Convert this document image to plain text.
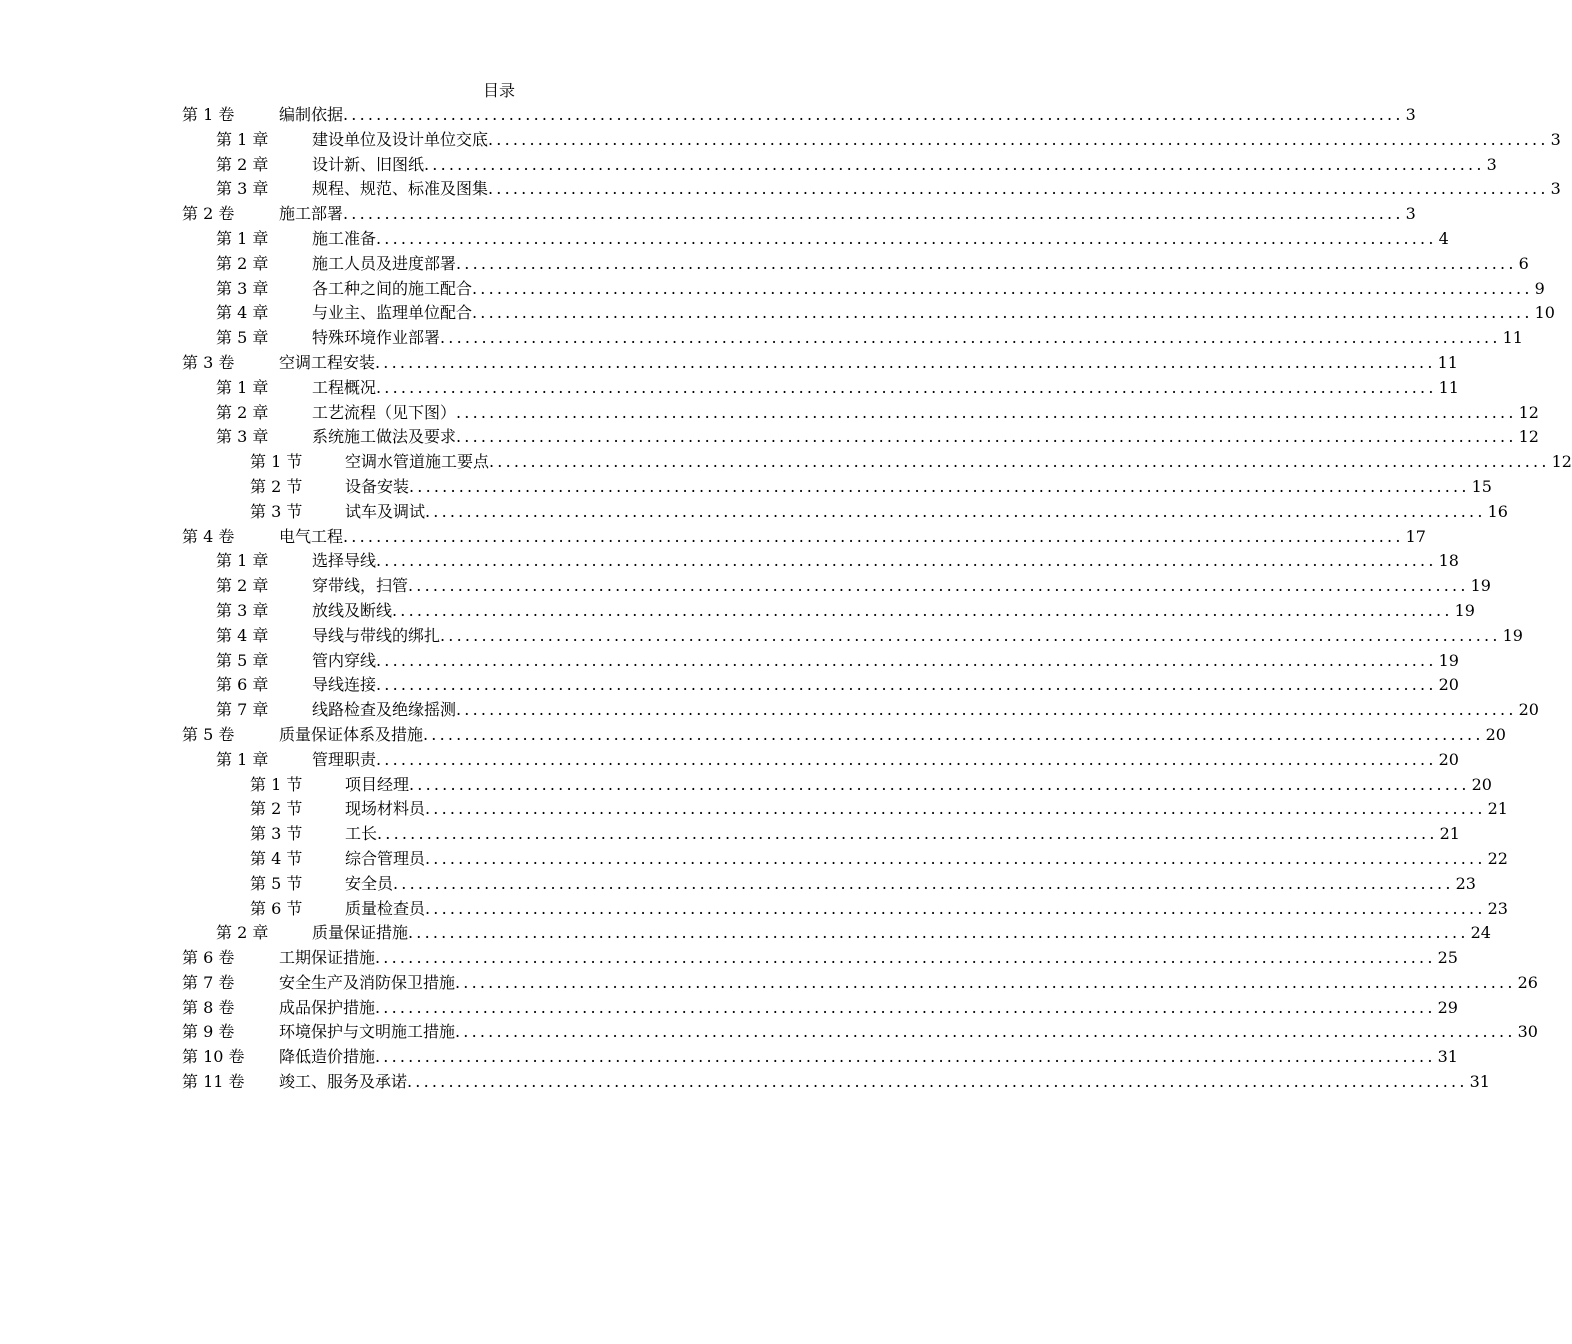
目录
第 1 卷	编制依据 ................................................................................................................................ 3
第 1 章	建设单位及设计单位交底 ................................................................................................................................ 3
第 2 章	设计新、旧图纸 ................................................................................................................................ 3
第 3 章	规程、规范、标准及图集 ................................................................................................................................ 3
第 2 卷	施工部署 ................................................................................................................................ 3
第 1 章	施工准备 ................................................................................................................................ 4
第 2 章	施工人员及进度部署 ................................................................................................................................ 6
第 3 章	各工种之间的施工配合 ................................................................................................................................ 9
第 4 章	与业主、监理单位配合 ................................................................................................................................ 10
第 5 章	特殊环境作业部署 ................................................................................................................................ 11
第 3 卷	空调工程安装 ................................................................................................................................ 11
第 1 章	工程概况 ................................................................................................................................ 11
第 2 章	工艺流程（见下图） ................................................................................................................................ 12
第 3 章	系统施工做法及要求 ................................................................................................................................ 12
第 1 节	空调水管道施工要点 ................................................................................................................................ 12
第 2 节	设备安装 ................................................................................................................................ 15
第 3 节	试车及调试 ................................................................................................................................ 16
第 4 卷	电气工程 ................................................................................................................................ 17
第 1 章	选择导线 ................................................................................................................................ 18
第 2 章	穿带线，扫管 ................................................................................................................................ 19
第 3 章	放线及断线 ................................................................................................................................ 19
第 4 章	导线与带线的绑扎 ................................................................................................................................ 19
第 5 章	管内穿线 ................................................................................................................................ 19
第 6 章	导线连接 ................................................................................................................................ 20
第 7 章	线路检查及绝缘摇测 ................................................................................................................................ 20
第 5 卷	质量保证体系及措施 ................................................................................................................................ 20
第 1 章	管理职责 ................................................................................................................................ 20
第 1 节	项目经理 ................................................................................................................................ 20
第 2 节	现场材料员 ................................................................................................................................ 21
第 3 节	工长 ................................................................................................................................ 21
第 4 节	综合管理员 ................................................................................................................................ 22
第 5 节	安全员 ................................................................................................................................ 23
第 6 节	质量检查员 ................................................................................................................................ 23
第 2 章	质量保证措施 ................................................................................................................................ 24
第 6 卷	工期保证措施 ................................................................................................................................ 25
第 7 卷	安全生产及消防保卫措施 ................................................................................................................................ 26
第 8 卷	成品保护措施 ................................................................................................................................ 29
第 9 卷	环境保护与文明施工措施 ................................................................................................................................ 30
第 10 卷 降低造价措施 ................................................................................................................................ 31
第 11 卷 竣工、服务及承诺 ................................................................................................................................ 31
